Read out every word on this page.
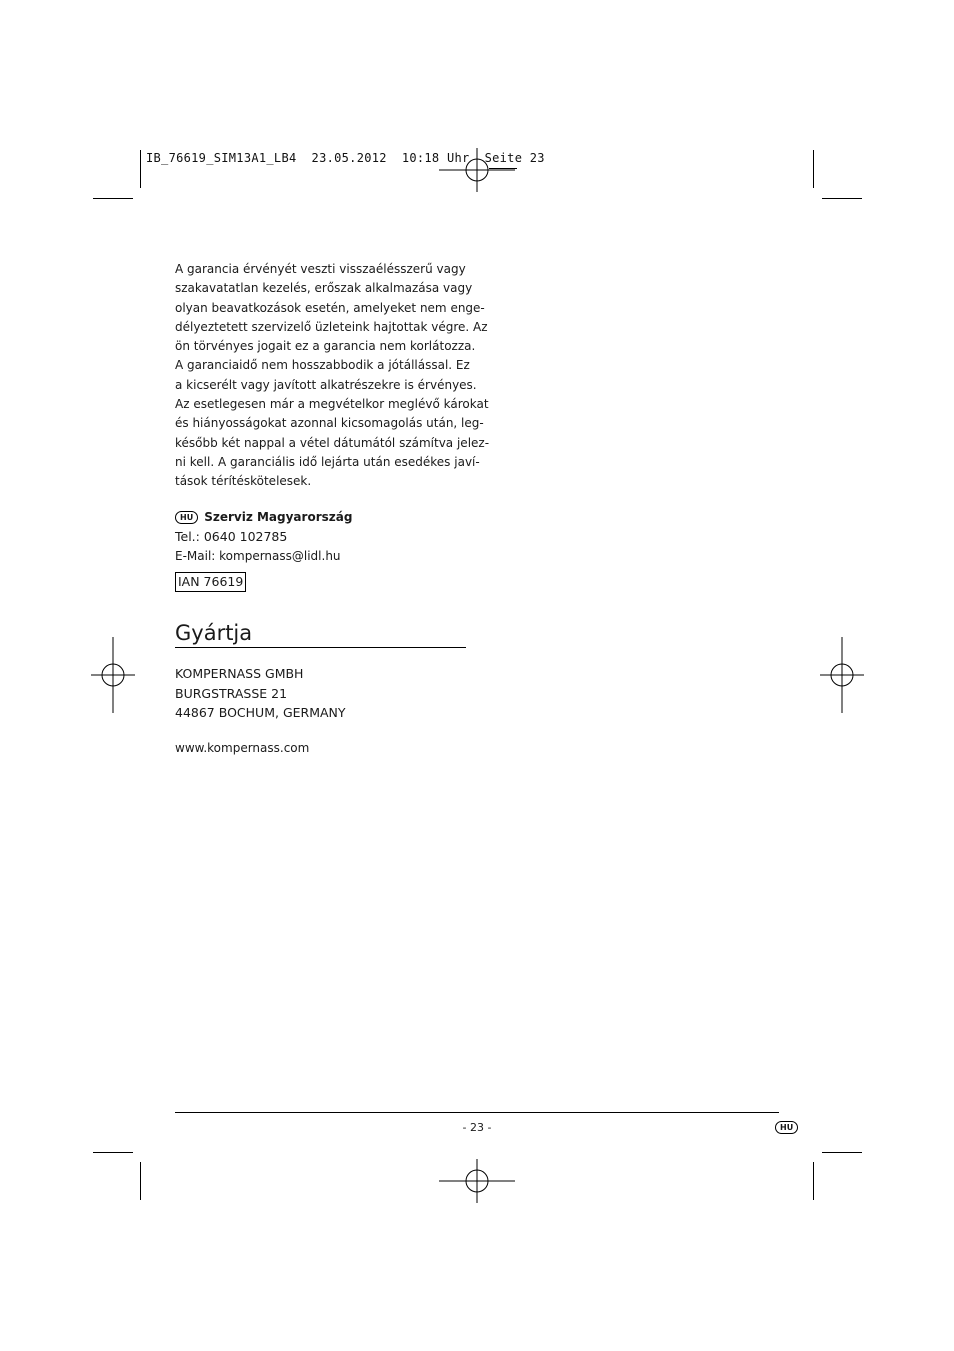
IB_76619_SIM13A1_LB4  23.05.2012  10:18 Uhr  Seite 23
A garancia érvényét veszti visszaélésszerű vagy
szakavatatlan kezelés, erőszak alkalmazása vagy
olyan beavatkozások esetén, amelyeket nem enge-
délyeztetett szervizelő üzleteink hajtottak végre. Az
ön törvényes jogait ez a garancia nem korlátozza.
A garanciaidő nem hosszabbodik a jótállással. Ez
a kicserélt vagy javított alkatrészekre is érvényes.
Az esetlegesen már a megvételkor meglévő károkat
és hiányosságokat azonnal kicsomagolás után, leg-
később két nappal a vétel dátumától számítva jelez-
ni kell. A garanciális idő lejárta után esedékes javí-
tások térítéskötelesek.
HU Szerviz Magyarország
Tel.: 0640 102785
E-Mail: kompernass@lidl.hu
IAN 76619
Gyártja
KOMPERNASS GMBH
BURGSTRASSE 21
44867 BOCHUM, GERMANY
www.kompernass.com
- 23 -	HU
